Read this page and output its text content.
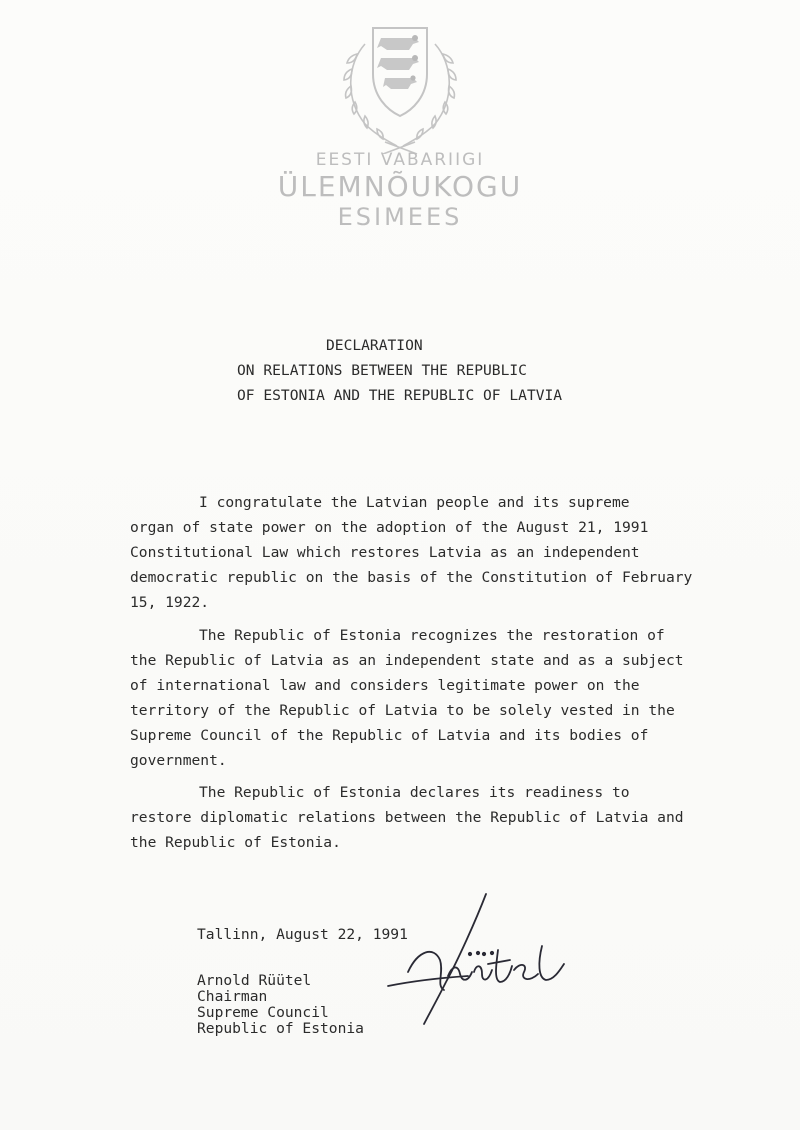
EESTI VABARIIGI

ÜLEMNÕUKOGU

ESIMEES

DECLARATION

ON RELATIONS BETWEEN THE REPUBLIC

OF ESTONIA AND THE REPUBLIC OF LATVIA

I congratulate the Latvian people and its supreme

organ of state power on the adoption of the August 21, 1991

Constitutional Law which restores Latvia as an independent

democratic republic on the basis of the Constitution of February

15, 1922.

The Republic of Estonia recognizes the restoration of

the Republic of Latvia as an independent state and as a subject

of international law and considers legitimate power on the

territory of the Republic of Latvia to be solely vested in the

Supreme Council of the Republic of Latvia and its bodies of

government.

The Republic of Estonia declares its readiness to

restore diplomatic relations between the Republic of Latvia and

the Republic of Estonia.

Tallinn, August 22, 1991

Arnold Rüütel

Chairman

Supreme Council

Republic of Estonia
